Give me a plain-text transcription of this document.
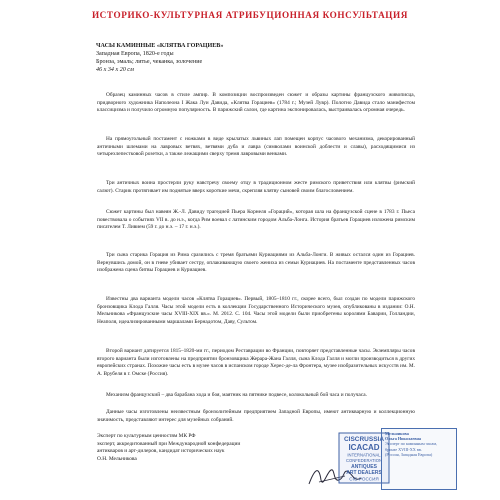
ИСТОРИКО-КУЛЬТУРНАЯ АТРИБУЦИОННАЯ КОНСУЛЬТАЦИЯ
ЧАСЫ КАМИННЫЕ «КЛЯТВА ГОРАЦИЕВ»
Западная Европа, 1820-е годы
Бронза, эмаль; литье, чеканка, золочение
46 х 34 х 20 см
Образец каминных часов в стиле ампир. В композиции воспроизведен сюжет и образы картины французского живописца, придворного художника Наполеона I Жака Луи Давида, «Клятва Горациев» (1784 г.; Музей Лувр). Полотно Давида стало манифестом классицизма и получило огромную популярность. В парижский салон, где картина экспонировалась, выстраивалась огромная очередь.
На прямоугольный постамент с ножками в виде крылатых львиных лап помещен корпус часового механизма, декорированный античными шлемами на лавровых ветвях, ветвями дуба и лавра (символами воинской доблести и славы), расходящимися из четырехлепестковой розетки, а также лежащими сверху тремя лавровыми венками.
Три античных воина простерли руку навстречу своему отцу в традиционном жесте римского приветствия или клятвы (римский салют). Старик протягивает им поднятые вверх короткие мечи, скрепляя клятву сыновей своим благословением.
Сюжет картины был навеян Ж.-Л. Давиду трагедией Пьера Корнеля «Гораций», которая шла на французской сцене в 1783 г. Пьеса повествовала о событиях VII в. до н.э., когда Рим воевал с латинским городом Альба-Лонга. История братьев Горациев изложена римским писателем Т. Ливием (59 г. до н.э. – 17 г. н.э.).
Три сына старика Горация из Рима сразились с тремя братьями Куриациями из Альба-Лонги. В живых остался один из Горациев. Вернувшись домой, он в гневе убивает сестру, оплакивающую своего жениха из семьи Куриациев. На постаменте представленных часов изображена сцена битвы Горациев и Куриациев.
Известны два варианта модели часов «Клятва Горациев». Первый, 1805–1810 гг., скорее всего, был создан по модели парижского бронзовщика Клода Галля. Часы этой модели есть в коллекции Государственного Исторического музея, опубликованы в издании: О.Н. Мельникова «Французские часы XVIII-XIX вв.». М. 2012. С. 104. Часы этой модели были приобретены королями Баварии, Голландии, Неаполя, идеализированными маршалами Бернадотом, Даву, Сультом.
Второй вариант датируется 1815–1820-ми гг., периодом Реставрации во Франции, повторяет представленные часы. Экземпляры часов второго варианта были изготовлены на предприятии бронзовщика Жерара-Жана Галля, сына Клода Галля и могли производиться в других европейских странах. Похожие часы есть в музее часов в испанском городе Херес-де-ла Фронтера, музее изобразительных искусств им. М. А. Врубеля в г. Омске (Россия).
Механизм французский – два барабана хода и боя, маятник на пятнике подвесе, колокольный бой часа и получаса.
Данные часы изготовлены неизвестным бронзолитейным предприятием Западной Европы, имеют антикварную и коллекционную значимость, представляют интерес для музейных собраний.
Эксперт по культурным ценностям МК РФ
эксперт, аккредитованный при Международной конфедерации
антикваров и арт-дилеров, кандидат исторических наук
О.Н. Мельникова
CISCRUSSIA
ICACAD
INTERNATIONAL
CONFEDERATION
ANTIQUES
ART DEALERS
CIG·РОССИЯ
Мельникова
Ольга Николаевна
Эксперт по каминным часам,
бронзе XVIII-XX вв.
(Россия, Западная Европа)
